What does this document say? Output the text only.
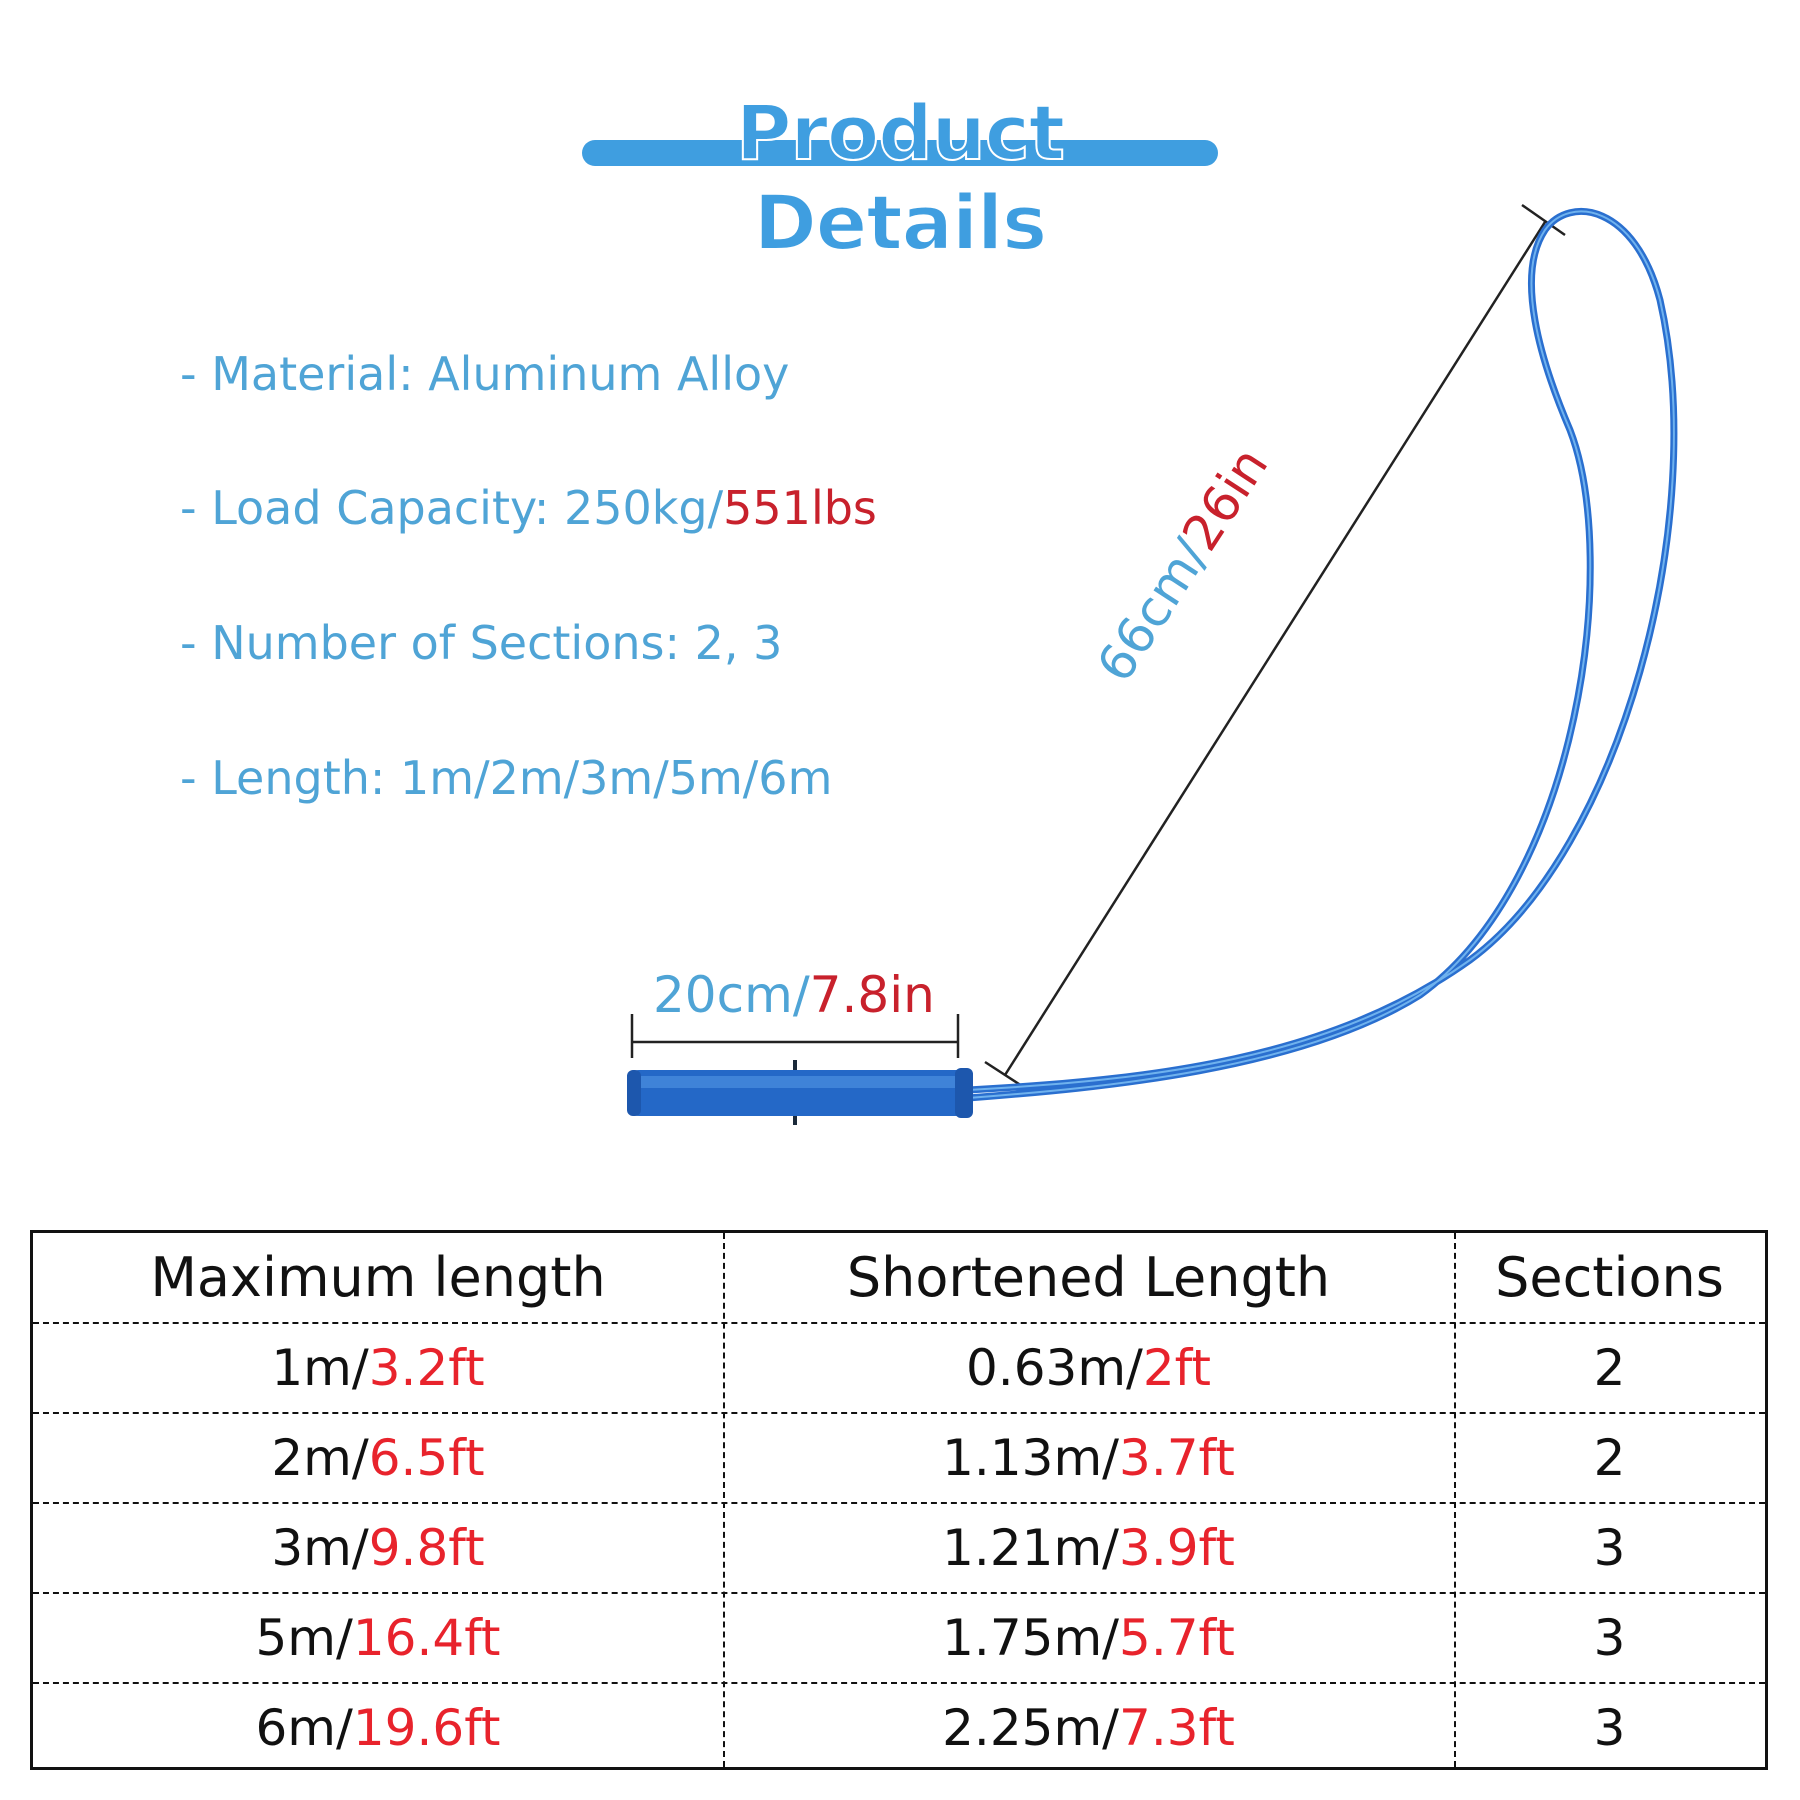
Product Details
- Material: Aluminum Alloy
- Load Capacity: 250kg/551lbs
- Number of Sections: 2, 3
- Length: 1m/2m/3m/5m/6m
66cm/26in
20cm/7.8in
Maximum length	Shortened Length	Sections
1m/3.2ft	0.63m/2ft	2
2m/6.5ft	1.13m/3.7ft	2
3m/9.8ft	1.21m/3.9ft	3
5m/16.4ft	1.75m/5.7ft	3
6m/19.6ft	2.25m/7.3ft	3
